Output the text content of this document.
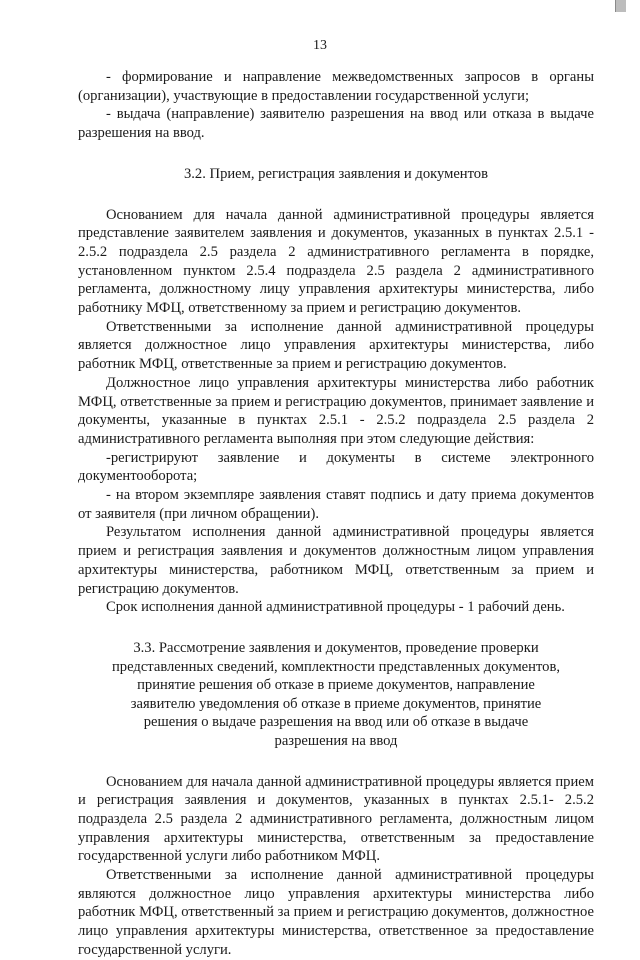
13

- формирование и направление межведомственных запросов в органы (организации), участвующие в предоставлении государственной услуги;

- выдача (направление) заявителю разрешения на ввод или отказа в выдаче разрешения на ввод.

3.2. Прием, регистрация заявления и документов

Основанием для начала данной административной процедуры является представление заявителем заявления и документов, указанных в пунктах 2.5.1 - 2.5.2 подраздела 2.5 раздела 2 административного регламента в порядке, установленном пунктом 2.5.4 подраздела 2.5 раздела 2 административного регламента, должностному лицу управления архитектуры министерства, либо работнику МФЦ, ответственному за прием и регистрацию документов.

Ответственными за исполнение данной административной процедуры является должностное лицо управления архитектуры министерства, либо работник МФЦ, ответственные за прием и регистрацию документов.

Должностное лицо управления архитектуры министерства либо работник МФЦ, ответственные за прием и регистрацию документов, принимает заявление и документы, указанные в пунктах 2.5.1 - 2.5.2 подраздела 2.5 раздела 2 административного регламента выполняя при этом следующие действия:

-регистрируют заявление и документы в системе электронного документооборота;

- на втором экземпляре заявления ставят подпись и дату приема документов от заявителя (при личном обращении).

Результатом исполнения данной административной процедуры является прием и регистрация заявления и документов должностным лицом управления архитектуры министерства, работником МФЦ, ответственным за прием и регистрацию документов.

Срок исполнения данной административной процедуры - 1 рабочий день.

3.3. Рассмотрение заявления и документов, проведение проверки представленных сведений, комплектности представленных документов, принятие решения об отказе в приеме документов, направление заявителю уведомления об отказе в приеме документов, принятие решения о выдаче разрешения на ввод или об отказе в выдаче разрешения на ввод

Основанием для начала данной административной процедуры является прием и регистрация заявления и документов, указанных в пунктах 2.5.1- 2.5.2 подраздела 2.5 раздела 2 административного регламента, должностным лицом управления архитектуры министерства, ответственным за предоставление государственной услуги либо работником МФЦ.

Ответственными за исполнение данной административной процедуры являются должностное лицо управления архитектуры министерства либо работник МФЦ, ответственный за прием и регистрацию документов, должностное лицо управления архитектуры министерства, ответственное за предоставление государственной услуги.
